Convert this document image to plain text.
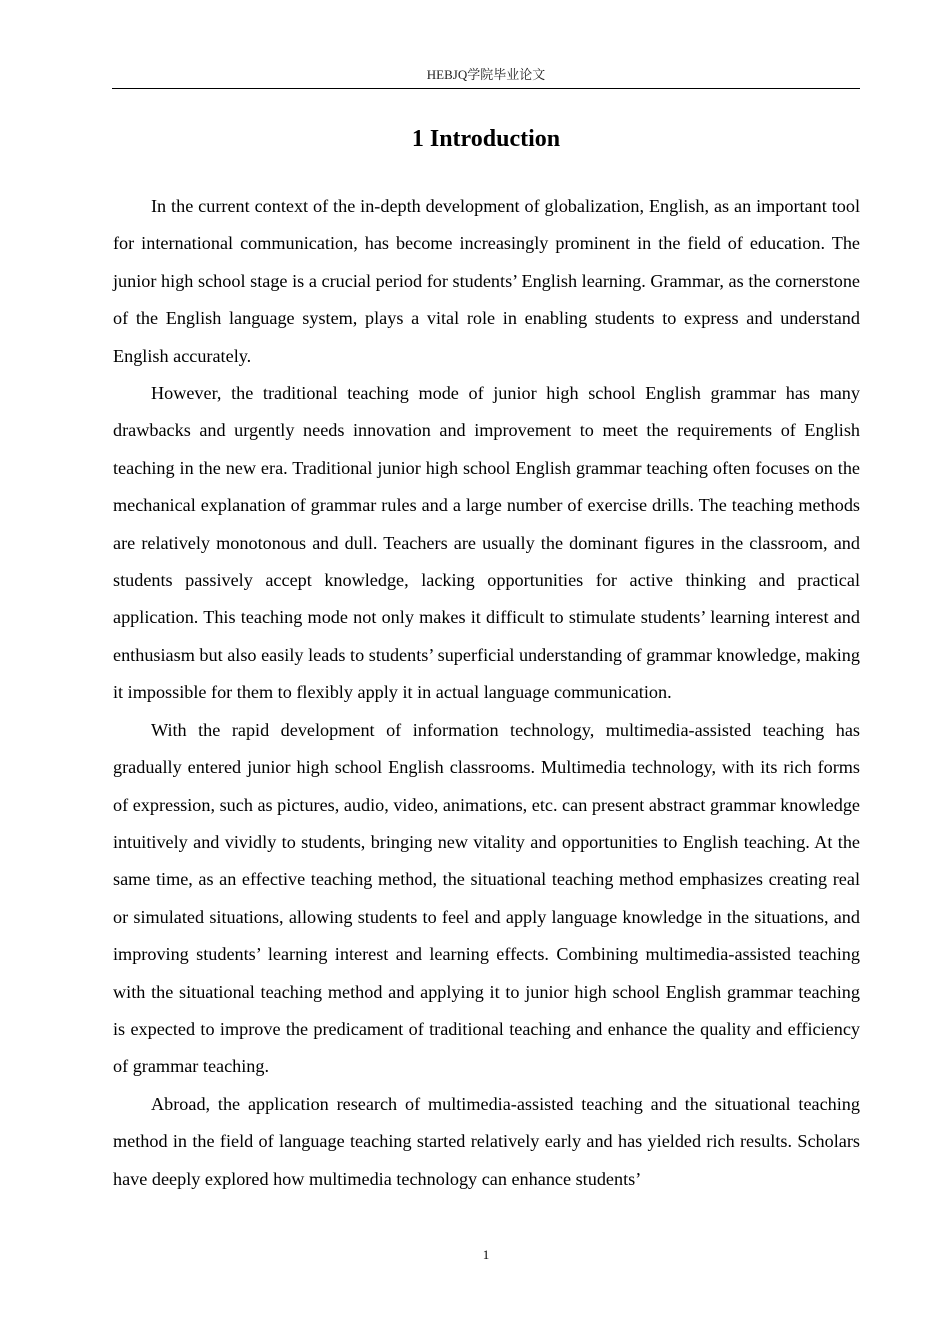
HEBJQ学院毕业论文
1 Introduction

In the current context of the in-depth development of globalization, English, as an important tool for international communication, has become increasingly prominent in the field of education. The junior high school stage is a crucial period for students’ English learning. Grammar, as the cornerstone of the English language system, plays a vital role in enabling students to express and understand English accurately.

However, the traditional teaching mode of junior high school English grammar has many drawbacks and urgently needs innovation and improvement to meet the requirements of English teaching in the new era. Traditional junior high school English grammar teaching often focuses on the mechanical explanation of grammar rules and a large number of exercise drills. The teaching methods are relatively monotonous and dull. Teachers are usually the dominant figures in the classroom, and students passively accept knowledge, lacking opportunities for active thinking and practical application. This teaching mode not only makes it difficult to stimulate students’ learning interest and enthusiasm but also easily leads to students’ superficial understanding of grammar knowledge, making it impossible for them to flexibly apply it in actual language communication.

With the rapid development of information technology, multimedia-assisted teaching has gradually entered junior high school English classrooms. Multimedia technology, with its rich forms of expression, such as pictures, audio, video, animations, etc. can present abstract grammar knowledge intuitively and vividly to students, bringing new vitality and opportunities to English teaching. At the same time, as an effective teaching method, the situational teaching method emphasizes creating real or simulated situations, allowing students to feel and apply language knowledge in the situations, and improving students’ learning interest and learning effects. Combining multimedia-assisted teaching with the situational teaching method and applying it to junior high school English grammar teaching is expected to improve the predicament of traditional teaching and enhance the quality and efficiency of grammar teaching.

Abroad, the application research of multimedia-assisted teaching and the situational teaching method in the field of language teaching started relatively early and has yielded rich results. Scholars have deeply explored how multimedia technology can enhance students’

1
